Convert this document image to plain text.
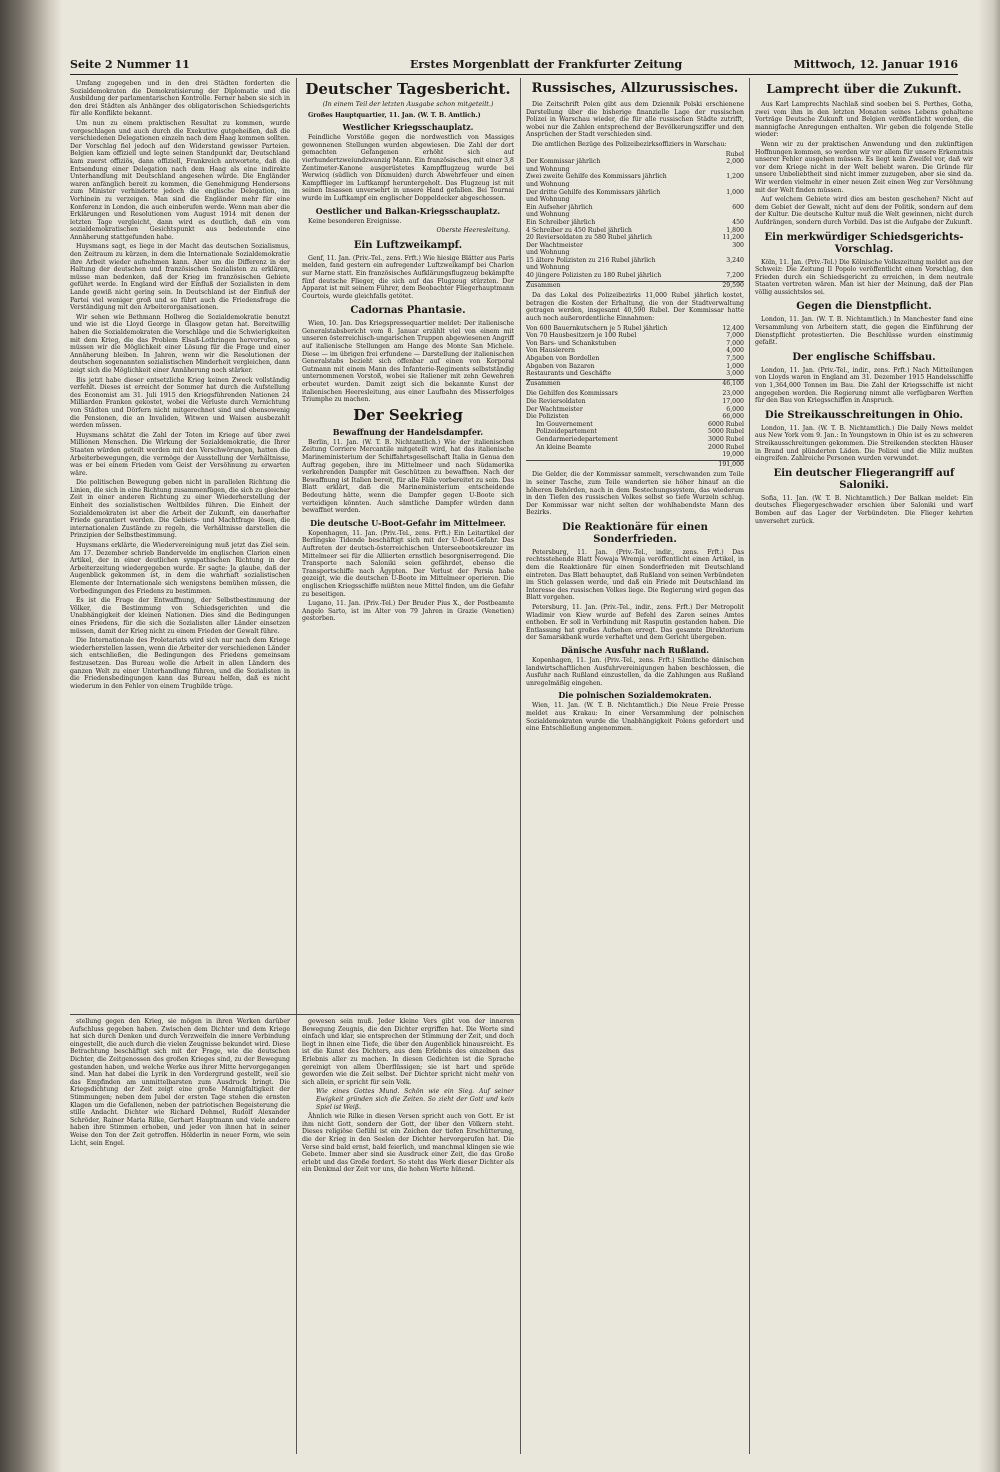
Seite 2 Nummer 11	Erstes Morgenblatt der Frankfurter Zeitung	Mittwoch, 12. Januar 1916

Umfang zugegeben und in den drei Städten forderten die Sozialdemokraten die Demokratisierung der Diplomatie und die Ausbildung der parlamentarischen Kontrolle. Ferner haben sie sich in den drei Städten als Anhänger des obligatorischen Schiedsgerichts für alle Konflikte bekannt.

Um nun zu einem praktischen Resultat zu kommen, wurde vorgeschlagen und auch durch die Exekutive gutgeheißen, daß die verschiedenen Delegationen einzeln nach dem Haag kommen sollten. Der Vorschlag fiel jedoch auf den Widerstand gewisser Parteien. Belgien kam offiziell und legte seinen Standpunkt dar, Deutschland kam zuerst offiziös, dann offiziell, Frankreich antwortete, daß die Entsendung einer Delegation nach dem Haag als eine indirekte Unterhandlung mit Deutschland angesehen würde. Die Engländer waren anfänglich bereit zu kommen, die Genehmigung Hendersons zum Minister verhinderte jedoch die englische Delegation, im Vorhinein zu verzeigen. Man sind die Engländer mehr für eine Konferenz in London, die auch einberufen werde. Wenn man aber die Erklärungen und Resolutionen vom August 1914 mit denen der letzten Tage vergleicht, dann wird es deutlich, daß ein vom sozialdemokratischen Gesichtspunkt aus bedeutende eine Annäherung stattgefunden habe.

Huysmans sagt, es liege in der Macht das deutschen Sozialismus, den Zeitraum zu kürzen, in dem die Internationale Sozialdemokratie ihre Arbeit wieder aufnehmen kann. Aber um die Differenz in der Haltung der deutschen und französischen Sozialisten zu erklären, müsse man bedenken, daß der Krieg im französischen Gebiete geführt werde. In England wird der Einfluß der Sozialisten in dem Lande gewiß nicht gering sein. In Deutschland ist der Einfluß der Partei viel weniger groß und so führt auch die Friedensfrage die Verständigung mit den Arbeiterorganisationen.

Wir sehen wie Bethmann Hollweg die Sozialdemokratie benutzt und wie ist die Lloyd George in Glasgow getan hat. Bereitwillig haben die Sozialdemokraten die Vorschläge und die Schwierigkeiten mit dem Krieg, die das Problem Elsaß-Lothringen hervorrufen, so müssen wir die Möglichkeit einer Lösung für die Frage und einer Annäherung bleiben. In Jahren, wenn wir die Resolutionen der deutschen sogenannten sozialistischen Minderheit vergleichen, dann zeigt sich die Möglichkeit einer Annäherung noch stärker.

Bis jetzt habe dieser entsetzliche Krieg keinen Zweck vollständig verfehlt. Dieses ist erreicht der Sommer hat durch die Aufstellung des Economist am 31. Juli 1915 den Kriegsführenden Nationen 24 Milliarden Franken gekostet, wobei die Verluste durch Vernichtung von Städten und Dörfern nicht mitgerechnet sind und ebensowenig die Pensionen, die an Invaliden, Witwen und Waisen ausbezahlt werden müssen.

Huysmans schätzt die Zahl der Toten im Kriege auf über zwei Millionen Menschen. Die Wirkung der Sozialdemokratie, die Ihrer Staaten würden geteilt werden mit den Verschwörungen, hatten die Arbeiterbewegungen, die vermöge der Ausstellung der Verhältnisse, was er bei einem Frieden vom Geist der Versöhnung zu erwarten wäre.

Die politischen Bewegung geben nicht in parallelen Richtung die Linien, die sich in eine Richtung zusammenfügen, die sich zu gleicher Zeit in einer anderen Richtung zu einer Wiederherstellung der Einheit des sozialistischen Weltbildes führen. Die Einheit der Sozialdemokraten ist aber die Arbeit der Zukunft, ein dauerhafter Friede garantiert werden. Die Gebiets- und Machtfrage lösen, die internationalen Zustände zu regeln, die Verhältnisse darstellen die Prinzipien der Selbstbestimmung.

Huysmans erklärte, die Wiedervereinigung muß jetzt das Ziel sein. Am 17. Dezember schrieb Bandervelde im englischen Clarion einen Artikel, der in einer deutlichen sympathischen Richtung in der Arbeiterzeitung wiedergegeben wurde. Er sagte: Ja glaube, daß der Augenblick gekommen ist, in dem die wahrhaft sozialistischen Elemente der Internationale sich wenigstens bemühen müssen, die Vorbedingungen des Friedens zu bestimmen.

Es ist die Frage der Entwaffnung, der Selbstbestimmung der Völker, die Bestimmung von Schiedsgerichten und die Unabhängigkeit der kleinen Nationen. Dies sind die Bedingungen eines Friedens, für die sich die Sozialisten aller Länder einsetzen müssen, damit der Krieg nicht zu einem Frieden der Gewalt führe.

Die Internationale des Proletariats wird sich nur nach dem Kriege wiederherstellen lassen, wenn die Arbeiter der verschiedenen Länder sich entschließen, die Bedingungen des Friedens gemeinsam festzusetzen. Das Bureau wolle die Arbeit in allen Ländern des ganzen Welt zu einer Unterhandlung führen, und die Sozialisten in die Friedensbedingungen kann das Bureau helfen, daß es nicht wiederum in den Fehler von einem Trugbilde trüge.

Deutscher Tagesbericht.
(In einem Teil der letzten Ausgabe schon mitgeteilt.)

Großes Hauptquartier, 11. Jan. (W. T. B. Amtlich.)

Westlicher Kriegsschauplatz.

Feindliche Vorstöße gegen die nordwestlich von Massiges gewonnenen Stellungen wurden abgewiesen. Die Zahl der dort gemachten Gefangenen erhöht sich auf vierhundertzweiundzwanzig Mann. Ein französisches, mit einer 3,8 Zentimeter-Kanone ausgerüstetes Kampfflugzeug wurde bei Werwicq (südlich von Dixmuiden) durch Abwehrfeuer und einen Kampfflieger im Luftkampf heruntergeholt. Das Flugzeug ist mit seinen Insassen unversehrt in unsere Hand gefallen. Bei Tournai wurde im Luftkampf ein englischer Doppeldecker abgeschossen.

Oestlicher und Balkan-Kriegsschauplatz.

Keine besonderen Ereignisse.

Oberste Heeresleitung.
Ein Luftzweikampf.

Genf, 11. Jan. (Priv.-Tel., zens. Frft.) Wie hiesige Blätter aus Paris melden, fand gestern ein aufregender Luftzweikampf bei Charlon sur Marne statt. Ein französisches Aufklärungsflugzeug bekämpfte fünf deutsche Flieger, die sich auf das Flugzeug stürzten. Der Apparat ist mit seinem Führer, dem Beobachter Fliegerhauptmann Courtois, wurde gleichfalls getötet.

Cadornas Phantasie.

Wien, 10. Jan. Das Kriegspressequartier meldet: Der italienische Generalstabsbericht vom 8. Januar erzählt viel von einem mit unseren österreichisch-ungarischen Truppen abgewiesenen Angriff auf italienische Stellungen am Hange des Monte San Michele. Diese — im übrigen frei erfundene — Darstellung der italienischen Generalstabs bezieht sich offenbar auf einen von Korporal Gutmann mit einem Mann des Infanterie-Regiments selbstständig unternommenen Vorstoß, wobei sie Italiener mit zehn Gewehren erbeutet wurden. Damit zeigt sich die bekannte Kunst der italienischen Heeresleitung, aus einer Laufbahn des Misserfolges Triumphe zu machen.

Der Seekrieg
Bewaffnung der Handelsdampfer.

Berlin, 11. Jan. (W. T. B. Nichtamtlich.) Wie der italienischen Zeitung Corriere Mercantile mitgeteilt wird, hat das italienische Marineministerium der Schiffahrtsgesellschaft Italia in Genua den Auftrag gegeben, ihre im Mittelmeer und nach Südamerika verkehrenden Dampfer mit Geschützen zu bewaffnen. Nach der Bewaffnung ist Italien bereit, für alle Fälle vorbereitet zu sein. Das Blatt erklärt, daß die Marineministerium entscheidende Bedeutung hätte, wenn die Dampfer gegen U-Boote sich verteidigen könnten. Auch sämtliche Dampfer würden dann bewaffnet werden.

Die deutsche U-Boot-Gefahr im Mittelmeer.

Kopenhagen, 11. Jan. (Priv.-Tel., zens. Frft.) Ein Leitartikel der Berlingske Tidende beschäftigt sich mit der U-Boot-Gefahr. Das Auftreten der deutsch-österreichischen Unterseebootskreuzer im Mittelmeer sei für die Alliierten ernstlich besorgniserregend. Die Transporte nach Saloniki seien gefährdet, ebenso die Transportschiffe nach Ägypten. Der Verlust der Persia habe gezeigt, wie die deutschen U-Boote im Mittelmeer operieren. Die englischen Kriegsschiffe müßten neue Mittel finden, um die Gefahr zu beseitigen.

Lugano, 11. Jan. (Priv.-Tel.) Der Bruder Pius X., der Postbeamte Angelo Sarto, ist im Alter von 79 Jahren in Grazie (Venetien) gestorben.

Russisches, Allzurussisches.

Die Zeitschrift Polen gibt aus dem Dziennik Polski erschienene Darstellung über die bisherige finanzielle Lage der russischen Polizei in Warschau wieder, die für alle russischen Städte zutrifft, wobei nur die Zahlen entsprechend der Bevölkerungsziffer und den Ansprüchen der Stadt verschieden sind.

Die amtlichen Bezüge des Polizeibezirksoffiziers in Warschau:

Rubel
Der Kommissar jährlich	2,000
und Wohnung
Zwei zweite Gehilfe des Kommissars jährlich	1,200
und Wohnung
Der dritte Gehilfe des Kommissars jährlich	1,000
und Wohnung
Ein Aufseher jährlich	600
und Wohnung
Ein Schreiber jährlich	450
4 Schreiber zu 450 Rubel jährlich	1,800
20 Reviersoldaten zu 580 Rubel jährlich	11,200
Der Wachtmeister	300
und Wohnung
15 ältere Polizisten zu 216 Rubel jährlich	3,240
und Wohnung
40 jüngere Polizisten zu 180 Rubel jährlich	7,200
Zusammen	29,590

Da das Lokal des Polizeibezirks 11,000 Rubel jährlich kostet, betragen die Kosten der Erhaltung, die von der Stadtverwaltung getragen werden, insgesamt 40,590 Rubel. Der Kommissar hatte auch noch außerordentliche Einnahmen:

Von 600 Bauernkutschern je 5 Rubel jährlich	12,400
Von 70 Hausbesitzern je 100 Rubel	7,000
Von Bars- und Schankstuben	7,000
Von Hausierern	4,000
Abgaben von Bordellen	7,500
Abgaben von Bazaren	1,000
Restaurants und Geschäfte	3,000
Zusammen	46,100
Die Gehilfen des Kommissars	23,000
Die Reviersoldaten	17,000
Der Wachtmeister	6,000
Die Polizisten	66,000
Im Gouvernement	6000 Rubel
Polizeidepartement	5000 Rubel
Gendarmeriedepartement	3000 Rubel
An kleine Beamte	2000 Rubel
19,000
191,000

Die Gelder, die der Kommissar sammelt, verschwanden zum Teile in seiner Tasche, zum Teile wanderten sie höher hinauf an die höheren Behörden, nach in dem Bestechungssystem, das wiederum in den Tiefen des russischen Volkes selbst so tiefe Wurzeln schlug. Der Kommissar war nicht selten der wohlhabendste Mann des Bezirks.

Die Reaktionäre für einen Sonderfrieden.

Petersburg, 11. Jan. (Priv.-Tel., indir., zens. Frft.) Das rechtsstehende Blatt Nowaja Wremja veröffentlicht einen Artikel, in dem die Reaktionäre für einen Sonderfrieden mit Deutschland eintreten. Das Blatt behauptet, daß Rußland von seinen Verbündeten im Stich gelassen werde, und daß ein Friede mit Deutschland im Interesse des russischen Volkes liege. Die Regierung wird gegen das Blatt vorgehen.

Petersburg, 11. Jan. (Priv.-Tel., indir., zens. Frft.) Der Metropolit Wladimir von Kiew wurde auf Befehl des Zaren seines Amtes enthoben. Er soll in Verbindung mit Rasputin gestanden haben. Die Entlassung hat großes Aufsehen erregt. Das gesamte Direktorium der Samarskbank wurde verhaftet und dem Gericht übergeben.

Dänische Ausfuhr nach Rußland.

Kopenhagen, 11. Jan. (Priv.-Tel., zens. Frft.) Sämtliche dänischen landwirtschaftlichen Ausfuhrvereinigungen haben beschlossen, die Ausfuhr nach Rußland einzustellen, da die Zahlungen aus Rußland unregelmäßig eingehen.

Die polnischen Sozialdemokraten.

Wien, 11. Jan. (W. T. B. Nichtamtlich.) Die Neue Freie Presse meldet aus Krakau: In einer Versammlung der polnischen Sozialdemokraten wurde die Unabhängigkeit Polens gefordert und eine Entschließung angenommen.

Lamprecht über die Zukunft.

Aus Karl Lamprechts Nachlaß sind soeben bei S. Perthes, Gotha, zwei vom ihm in den letzten Monaten seines Lebens gehaltene Vorträge Deutsche Zukunft und Belgien veröffentlicht worden, die mannigfache Anregungen enthalten. Wir geben die folgende Stelle wieder:

Wenn wir zu der praktischen Anwendung und den zukünftigen Hoffnungen kommen, so werden wir vor allem für unsere Erkenntnis unserer Fehler ausgehen müssen. Es liegt kein Zweifel vor, daß wir vor dem Kriege nicht in der Welt beliebt waren. Die Gründe für unsere Unbeliebtheit sind nicht immer zuzugeben, aber sie sind da. Wir werden vielmehr in einer neuen Zeit einen Weg zur Versöhnung mit der Welt finden müssen.

Auf welchem Gebiete wird dies am besten geschehen? Nicht auf dem Gebiet der Gewalt, nicht auf dem der Politik, sondern auf dem der Kultur. Die deutsche Kultur muß die Welt gewinnen, nicht durch Aufdrängen, sondern durch Vorbild. Das ist die Aufgabe der Zukunft.

Ein merkwürdiger Schiedsgerichts-Vorschlag.

Köln, 11. Jan. (Priv.-Tel.) Die Kölnische Volkszeitung meldet aus der Schweiz: Die Zeitung Il Popolo veröffentlicht einen Vorschlag, den Frieden durch ein Schiedsgericht zu erreichen, in dem neutrale Staaten vertreten wären. Man ist hier der Meinung, daß der Plan völlig aussichtslos sei.

Gegen die Dienstpflicht.

London, 11. Jan. (W. T. B. Nichtamtlich.) In Manchester fand eine Versammlung von Arbeitern statt, die gegen die Einführung der Dienstpflicht protestierten. Die Beschlüsse wurden einstimmig gefaßt.

Der englische Schiffsbau.

London, 11. Jan. (Priv.-Tel., indir., zens. Frft.) Nach Mitteilungen von Lloyds waren in England am 31. Dezember 1915 Handelsschiffe von 1,364,000 Tonnen im Bau. Die Zahl der Kriegsschiffe ist nicht angegeben worden. Die Regierung nimmt alle verfügbaren Werften für den Bau von Kriegsschiffen in Anspruch.

Die Streikausschreitungen in Ohio.

London, 11. Jan. (W. T. B. Nichtamtlich.) Die Daily News meldet aus New York vom 9. Jan.: In Youngstown in Ohio ist es zu schweren Streikausschreitungen gekommen. Die Streikenden steckten Häuser in Brand und plünderten Läden. Die Polizei und die Miliz mußten eingreifen. Zahlreiche Personen wurden verwundet.

Ein deutscher Fliegerangriff auf Saloniki.

Sofia, 11. Jan. (W. T. B. Nichtamtlich.) Der Balkan meldet: Ein deutsches Fliegergeschwader erschien über Saloniki und warf Bomben auf das Lager der Verbündeten. Die Flieger kehrten unversehrt zurück.

stellung gegen den Krieg, sie mögen in ihren Werken darüber Aufschluss gegeben haben. Zwischen dem Dichter und dem Kriege hat sich durch Denken und durch Verzweifeln die innere Verbindung eingestellt, die auch durch die vielen Zeugnisse bekundet wird. Diese Betrachtung beschäftigt sich mit der Frage, wie die deutschen Dichter, die Zeitgenossen des großen Krieges sind, zu der Bewegung gestanden haben, und welche Werke aus ihrer Mitte hervorgegangen sind. Man hat dabei die Lyrik in den Vordergrund gestellt, weil sie das Empfinden am unmittelbarsten zum Ausdruck bringt. Die Kriegsdichtung der Zeit zeigt eine große Mannigfaltigkeit der Stimmungen; neben dem Jubel der ersten Tage stehen die ernsten Klagen um die Gefallenen, neben der patriotischen Begeisterung die stille Andacht. Dichter wie Richard Dehmel, Rudolf Alexander Schröder, Rainer Maria Rilke, Gerhart Hauptmann und viele andere haben ihre Stimmen erhoben, und jeder von ihnen hat in seiner Weise den Ton der Zeit getroffen. Hölderlin in neuer Form, wie sein Licht, sein Engel.

gewesen sein muß. Jeder kleine Vers gibt von der inneren Bewegung Zeugnis, die den Dichter ergriffen hat. Die Worte sind einfach und klar, sie entsprechen der Stimmung der Zeit, und doch liegt in ihnen eine Tiefe, die über den Augenblick hinausreicht. Es ist die Kunst des Dichters, aus dem Erlebnis des einzelnen das Erlebnis aller zu machen. In diesen Gedichten ist die Sprache gereinigt von allem Überflüssigen; sie ist hart und spröde geworden wie die Zeit selbst. Der Dichter spricht nicht mehr von sich allein, er spricht für sein Volk.

Wie eines Gottes Mund. Schön wie ein Sieg. Auf seiner Ewigkeit gründen sich die Zeiten. So zieht der Gott und kein Spiel ist Weiß.

Ähnlich wie Rilke in diesen Versen spricht auch von Gott. Er ist ihm nicht Gott, sondern der Gott, der über den Völkern steht. Dieses religiöse Gefühl ist ein Zeichen der tiefen Erschütterung, die der Krieg in den Seelen der Dichter hervorgerufen hat. Die Verse sind bald ernst, bald feierlich, und manchmal klingen sie wie Gebete. Immer aber sind sie Ausdruck einer Zeit, die das Große erlebt und das Große fordert. So steht das Werk dieser Dichter als ein Denkmal der Zeit vor uns, die hohen Werte hütend.
